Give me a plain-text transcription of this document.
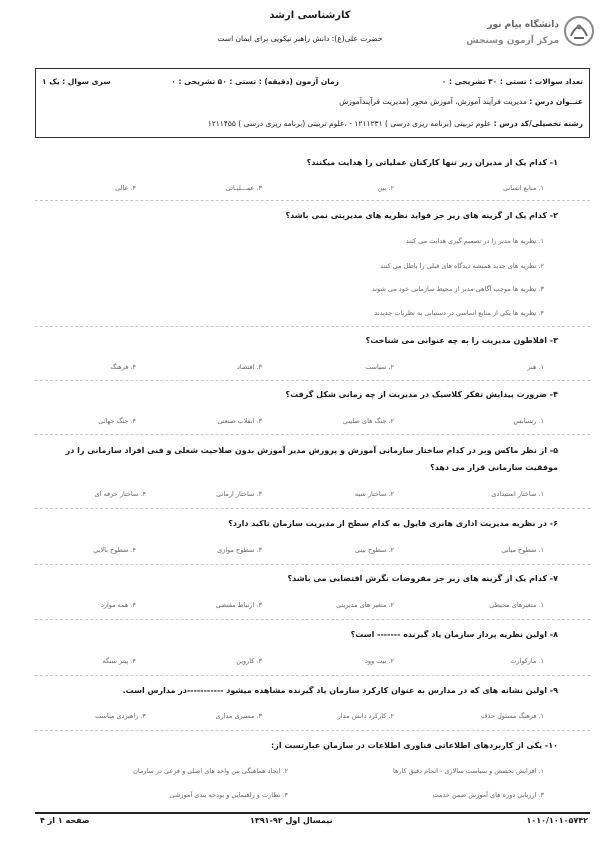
کارشناسی ارشد
حضرت علی(ع): دانش راهبر نیکویی برای ایمان است
دانشگاه پیام نور
مرکز آزمون وسنجش
تعداد سوالات : تستی : ۳۰ تشریحی : ۰
زمان آزمون (دقیقه) : تستی : ۵۰ تشریحی : ۰
سری سوال : یک ۱
عنــوان درس : مدیریت فرآیند آموزش، آموزش محور (مدیریت فرآیندآموزش
رشته تحصیلی/کد درس : علوم تربیتی (برنامه ریزی درسی ) ۱۲۱۱۲۳۱ - ،علوم تربیتی (برنامه ریزی درسی ) ۱۲۱۱۴۵۵
۱- کدام یک از مدیران زیر تنها کارکنان عملیاتی را هدایت میکنند؟
۱. منابع انسانی
۲. بین
۳. عمـــلیـاتی
۴. عالی
۲- کدام یک از گزینه های زیر جز فواید نظریه های مدیریتی نمی باشد؟
۱. نظریه ها مدیر را در تصمیم گیری هدایت می کنند
۲. نظریه های جدید همیشه دیدگاه های قبلی را باطل می کنند
۳. نظریه ها موجب آگاهی مدیر از محیط سازمانی خود می شوند
۴. نظریه ها یکی از منابع اساسی در دستیابی به نظریات جدیدند
۳- افلاطون مدیریت را به چه عنوانی می شناخت؟
۱. هنر
۲. سیاست
۳. اقتصاد
۴. فرهنگ
۴- ضرورت پیدایش تفکر کلاسیک در مدیریت از چه زمانی شکل گرفت؟
۱. رنسانس
۲. جنگ های صلیبی
۳. انقلاب صنعتی
۴. جنگ جهانی
۵- از نظر ماکس وبر در کدام ساختار سازمانی آموزش و پرورش مدیر آموزش بدون صلاحیت شغلی و فنی افراد سازمانی را در موفقیت سازمانی قرار می دهد؟
۱. ساختار استبدادی
۲. ساختار شبه
۳. ساختار ارمانی
۴. ساختار حرفه ای
۶- در نظریه مدیریت اداری هانری فایول به کدام سطح از مدیریت سازمان تاکید دارد؟
۱. سطوح میانی
۲. سطوح بینی
۳. سطوح موازی
۴. سطوح بالایی
۷- کدام یک از گزینه های زیر جز مفروضات نگرش اقتضایی می باشد؟
۱. متغیرهای محیطی
۲. متغیر های مدیریتی
۳. ارتباط مفتضی
۴. همه موارد
۸- اولین نظریه پرداز سازمان یاد گیرنده ------- است؟
۱. مارکوارت
۲. بیت وود
۳. کاروین
۴. پیتر سنگه
۹- اولین نشانه های که در مدارس به عنوان کارکرد سازمان یاد گیرنده مشاهده میشود -----------در مدارس است.
۱. فرهنگ مسئول حذف
۲. کارکرد دانش مدار
۳. مسیری مداری
۴. راهبردی مناسب
۱۰- یکی از کاربردهای اطلاعاتی فناوری اطلاعات در سازمان عبارتست از:
۱. افزایش تخصص و سیاست سالاری - انجام دقیق کارها
۲. ایجاد هماهنگی بین واحد های اصلی و فرعی در سازمان
۳. ارزیابی دوره های آموزش ضمن خدمت
۴. نظارت و راهنمایی و بودجه بندی آموزشی
صفحه ۱ از ۴	نیمسال اول ۹۲-۱۳۹۱	۱۰۱۰/۱۰۱۰۵۷۴۲
